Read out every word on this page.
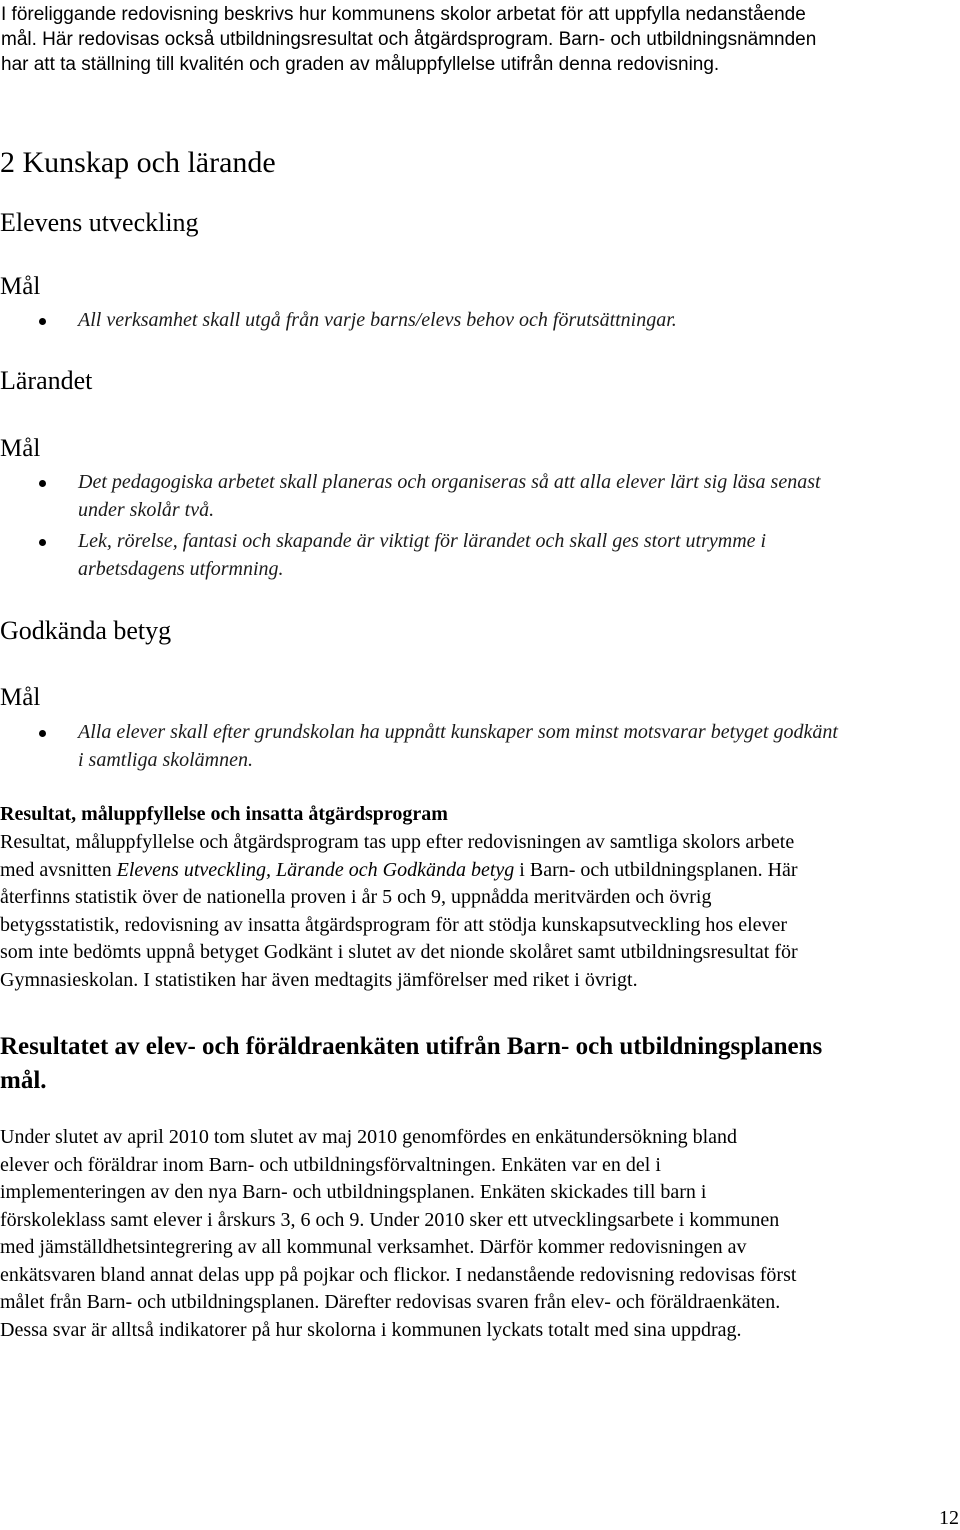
I föreliggande redovisning beskrivs hur kommunens skolor arbetat för att uppfylla nedanstående
mål. Här redovisas också utbildningsresultat och åtgärdsprogram. Barn- och utbildningsnämnden
har att ta ställning till kvalitén och graden av måluppfyllelse utifrån denna redovisning.
2 Kunskap och lärande
Elevens utveckling
Mål
All verksamhet skall utgå från varje barns/elevs behov och förutsättningar.
Lärandet
Mål
Det pedagogiska arbetet skall planeras och organiseras så att alla elever lärt sig läsa senast
under skolår två.
Lek, rörelse, fantasi och skapande är viktigt för lärandet och skall ges stort utrymme i
arbetsdagens utformning.
Godkända betyg
Mål
Alla elever skall efter grundskolan ha uppnått kunskaper som minst motsvarar betyget godkänt
i samtliga skolämnen.
Resultat, måluppfyllelse och insatta åtgärdsprogram
Resultat, måluppfyllelse och åtgärdsprogram tas upp efter redovisningen av samtliga skolors arbete
med avsnitten Elevens utveckling, Lärande och Godkända betyg i Barn- och utbildningsplanen. Här
återfinns statistik över de nationella proven i år 5 och 9, uppnådda meritvärden och övrig
betygsstatistik, redovisning av insatta åtgärdsprogram för att stödja kunskapsutveckling hos elever
som inte bedömts uppnå betyget Godkänt i slutet av det nionde skolåret samt utbildningsresultat för
Gymnasieskolan. I statistiken har även medtagits jämförelser med riket i övrigt.
Resultatet av elev- och föräldraenkäten utifrån Barn- och utbildningsplanens
mål.
Under slutet av april 2010 tom slutet av maj 2010 genomfördes en enkätundersökning bland
elever och föräldrar inom Barn- och utbildningsförvaltningen. Enkäten var en del i
implementeringen av den nya Barn- och utbildningsplanen. Enkäten skickades till barn i
förskoleklass samt elever i årskurs 3, 6 och 9. Under 2010 sker ett utvecklingsarbete i kommunen
med jämställdhetsintegrering av all kommunal verksamhet. Därför kommer redovisningen av
enkätsvaren bland annat delas upp på pojkar och flickor. I nedanstående redovisning redovisas först
målet från Barn- och utbildningsplanen. Därefter redovisas svaren från elev- och föräldraenkäten.
Dessa svar är alltså indikatorer på hur skolorna i kommunen lyckats totalt med sina uppdrag.
12
